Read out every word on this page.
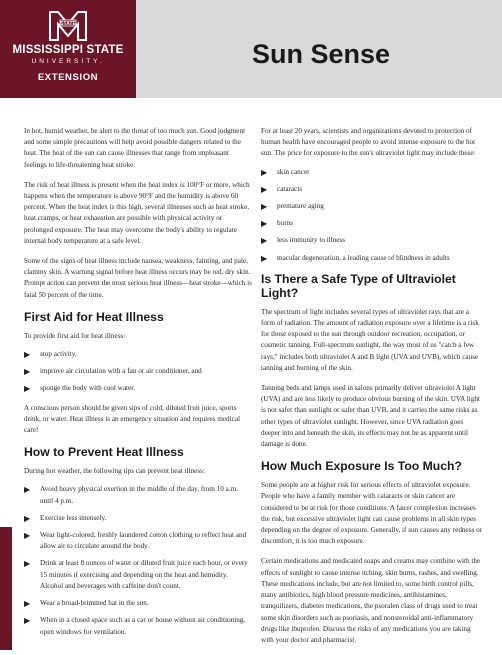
STATE
MISSISSIPPI STATE
UNIVERSITY.
EXTENSION
Sun Sense

In hot, humid weather, be alert to the threat of too much sun. Good judgment and some simple precautions will help avoid possible dangers related to the heat. The heat of the sun can cause illnesses that range from unpleasant feelings to life-threatening heat stroke.

The risk of heat illness is present when the heat index is 100°F or more, which happens when the temperature is above 90°F and the humidity is above 60 percent. When the heat index is this high, several illnesses such as heat stroke, heat cramps, or heat exhaustion are possible with physical activity or prolonged exposure. The heat may overcome the body's ability to regulate internal body temperature at a safe level.

Some of the signs of heat illness include nausea, weakness, fainting, and pale, clammy skin. A warning signal before heat illness occurs may be red, dry skin. Prompt action can prevent the most serious heat illness—heat stroke—which is fatal 50 percent of the time.

First Aid for Heat Illness

To provide first aid for heat illness:

▶ stop activity,
▶ improve air circulation with a fan or air conditioner, and
▶ sponge the body with cool water.

A conscious person should be given sips of cold, diluted fruit juice, sports drink, or water. Heat illness is an emergency situation and requires medical care!

How to Prevent Heat Illness

During hot weather, the following tips can prevent heat illness:

▶ Avoid heavy physical exertion in the middle of the day, from 10 a.m. until 4 p.m.
▶ Exercise less intensely.
▶ Wear light-colored, freshly laundered cotton clothing to reflect heat and allow air to circulate around the body.
▶ Drink at least 8 ounces of water or diluted fruit juice each hour, or every 15 minutes if exercising and depending on the heat and humidity. Alcohol and beverages with caffeine don't count.
▶ Wear a broad-brimmed hat in the sun.
▶ When in a closed space such as a car or house without air conditioning, open windows for ventilation.

For at least 20 years, scientists and organizations devoted to protection of human health have encouraged people to avoid intense exposure to the hot sun. The price for exposure to the sun's ultraviolet light may include these:

▶ skin cancer
▶ cataracts
▶ premature aging
▶ burns
▶ less immunity to illness
▶ macular degeneration, a leading cause of blindness in adults
Is There a Safe Type of Ultraviolet Light?

The spectrum of light includes several types of ultraviolet rays that are a form of radiation. The amount of radiation exposure over a lifetime is a risk for those exposed to the sun through outdoor recreation, occupation, or cosmetic tanning. Full-spectrum sunlight, the way most of us "catch a few rays," includes both ultraviolet A and B light (UVA and UVB), which cause tanning and burning of the skin.

Tanning beds and lamps used in salons primarily deliver ultraviolet A light (UVA) and are less likely to produce obvious burning of the skin. UVA light is not safer than sunlight or safer than UVB, and it carries the same risks as other types of ultraviolet sunlight. However, since UVA radiation goes deeper into and beneath the skin, its effects may not be as apparent until damage is done.

How Much Exposure Is Too Much?

Some people are at higher risk for serious effects of ultraviolet exposure. People who have a family member with cataracts or skin cancer are considered to be at risk for those conditions. A fairer complexion increases the risk, but excessive ultraviolet light can cause problems in all skin types depending on the degree of exposure. Generally, if sun causes any redness or discomfort, it is too much exposure.

Certain medications and medicated soaps and creams may combine with the effects of sunlight to cause intense itching, skin burns, rashes, and swelling. These medications include, but are not limited to, some birth control pills, many antibiotics, high blood pressure medicines, antihistamines, tranquilizers, diabetes medications, the psoralen class of drugs used to treat some skin disorders such as psoriasis, and nonsteroidal anti-inflammatory drugs like ibuprofen. Discuss the risks of any medications you are taking with your doctor and pharmacist.
